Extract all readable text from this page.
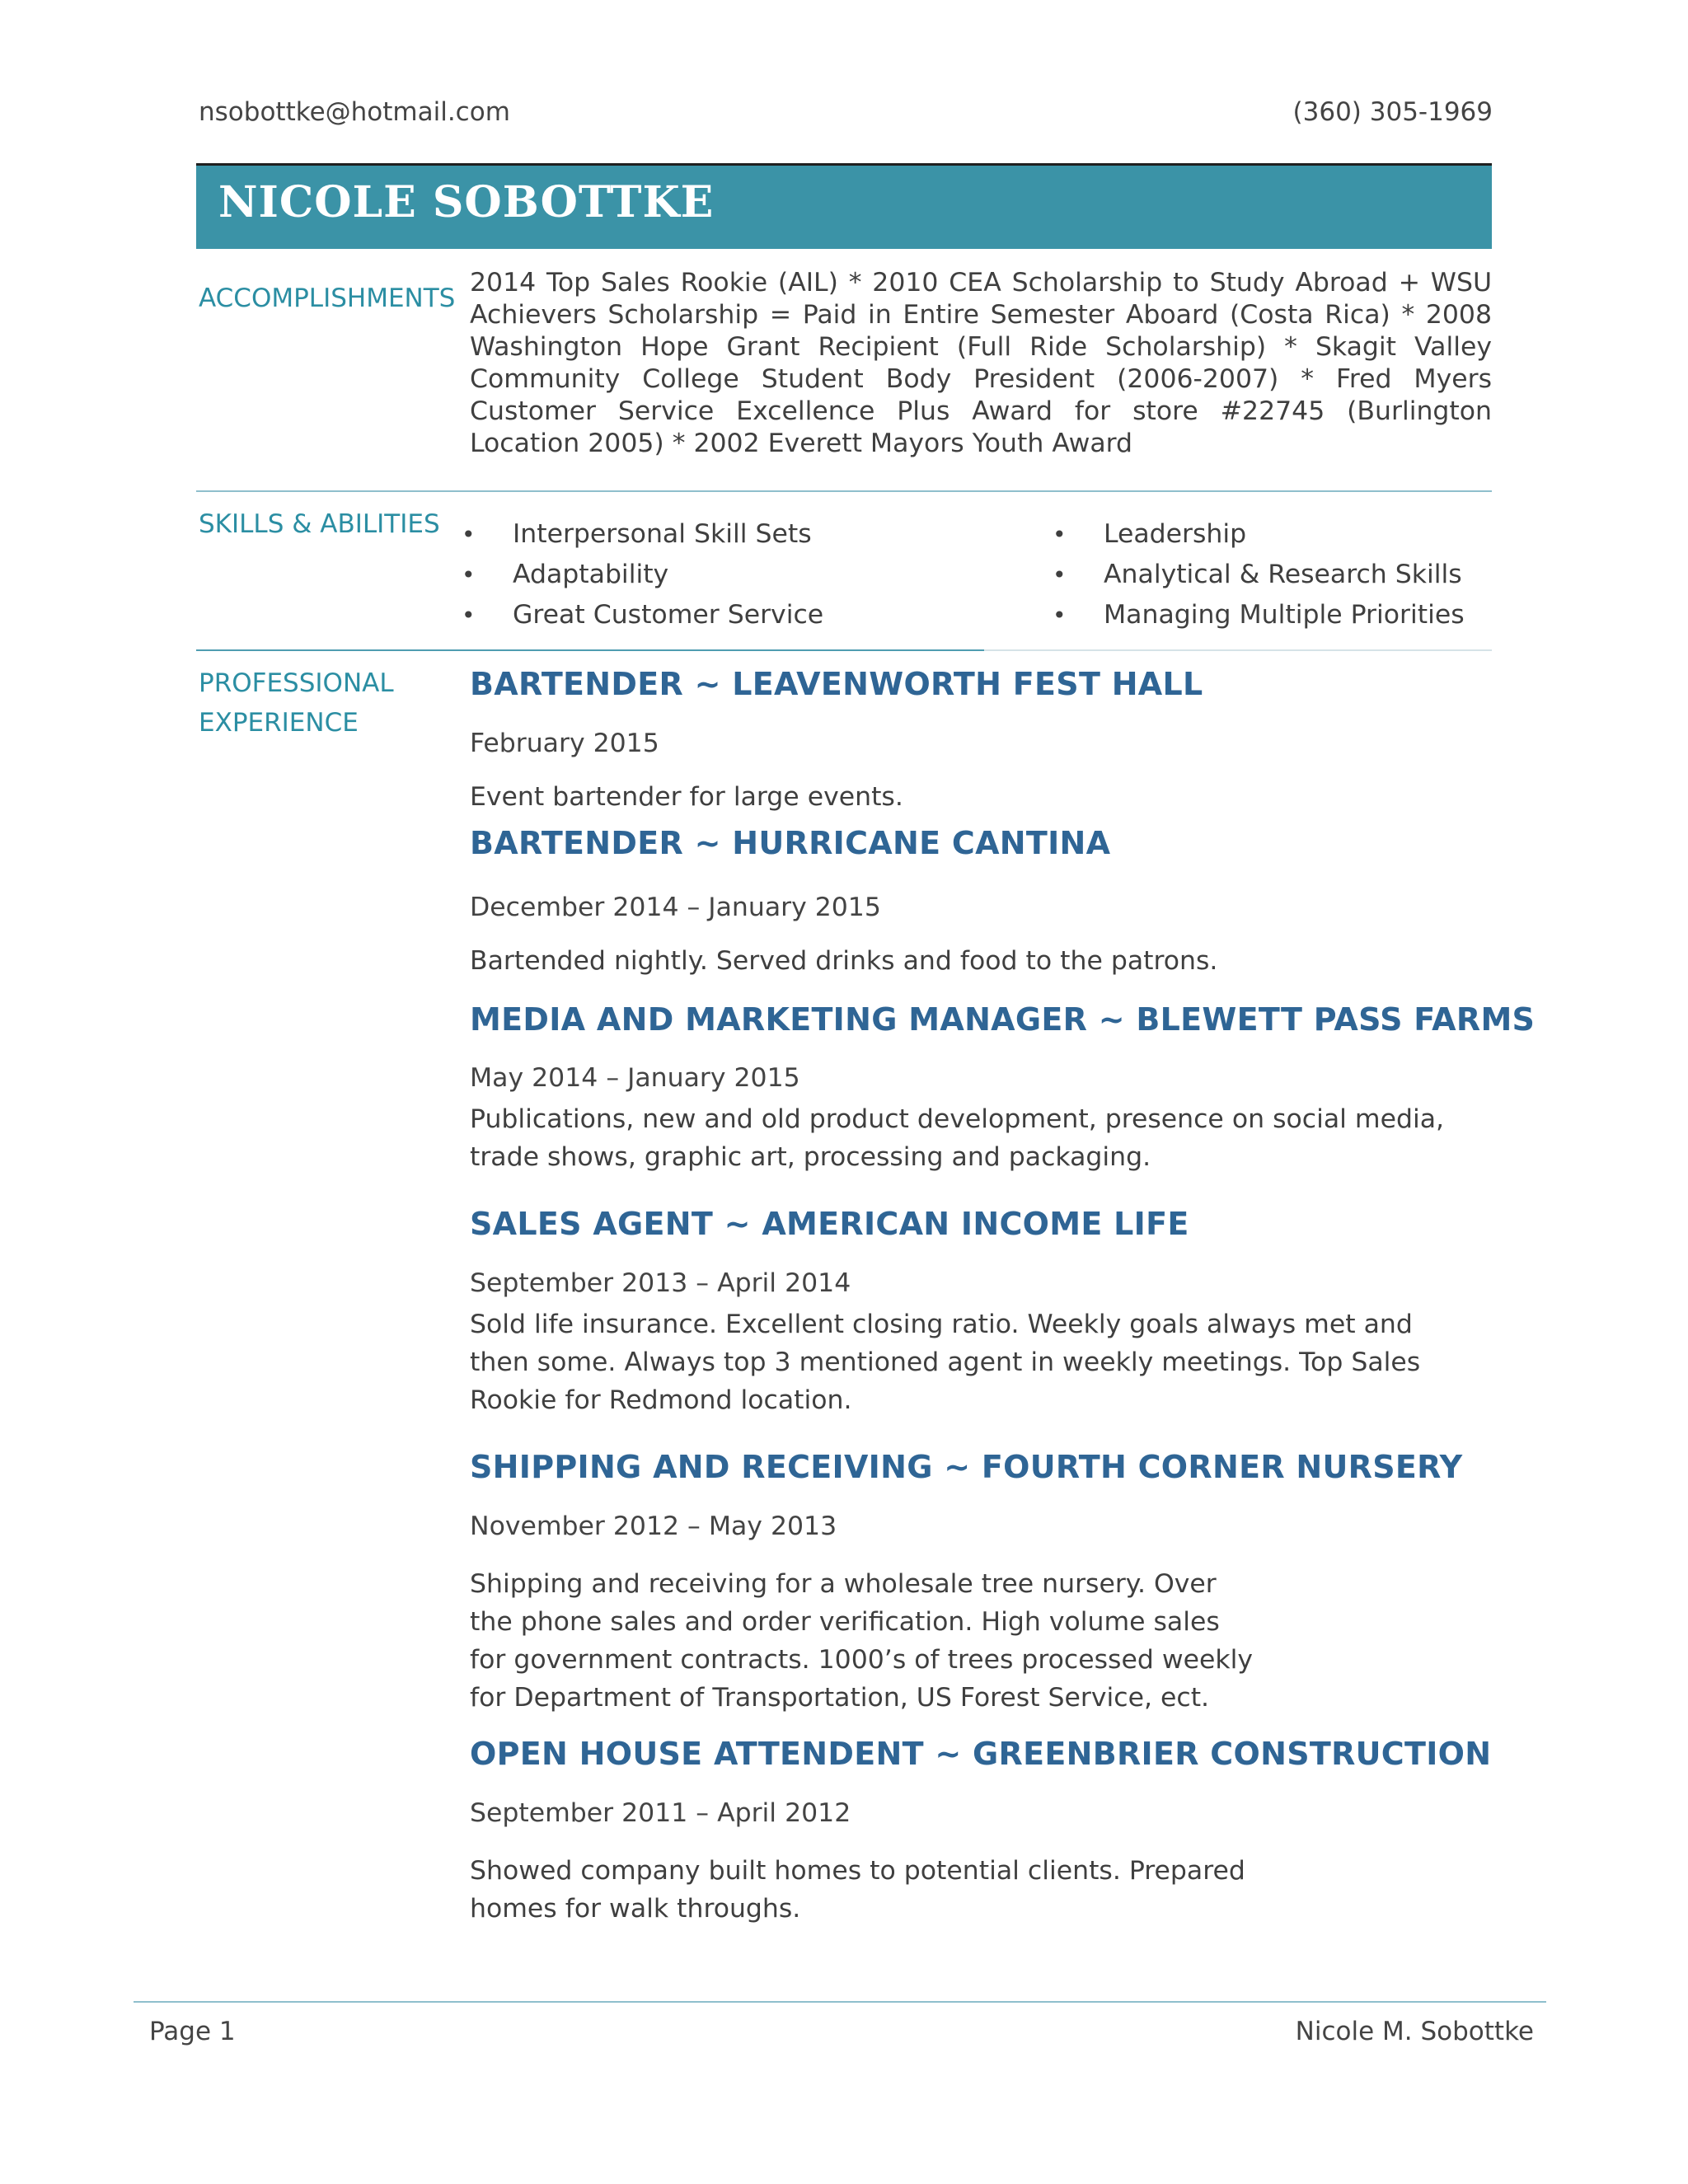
nsobottke@hotmail.com	(360) 305-1969
NICOLE SOBOTTKE
ACCOMPLISHMENTS
2014 Top Sales Rookie (AIL) * 2010 CEA Scholarship to Study Abroad + WSU Achievers Scholarship = Paid in Entire Semester Aboard (Costa Rica) * 2008 Washington Hope Grant Recipient (Full Ride Scholarship) * Skagit Valley Community College Student Body President (2006-2007) * Fred Myers Customer Service Excellence Plus Award for store #22745 (Burlington Location 2005) * 2002 Everett Mayors Youth Award
SKILLS & ABILITIES
•	Interpersonal Skill Sets
• Adaptability
• Great Customer Service
• Leadership
• Analytical & Research Skills
• Managing Multiple Priorities
PROFESSIONAL
EXPERIENCE
BARTENDER ~ LEAVENWORTH FEST HALL
February 2015
Event bartender for large events.
BARTENDER ~ HURRICANE CANTINA
December 2014 – January 2015
Bartended nightly. Served drinks and food to the patrons.
MEDIA AND MARKETING MANAGER ~ BLEWETT PASS FARMS
May 2014 – January 2015
Publications, new and old product development, presence on social media, trade shows, graphic art, processing and packaging.
SALES AGENT ~ AMERICAN INCOME LIFE
September 2013 – April 2014
Sold life insurance. Excellent closing ratio. Weekly goals always met and then some. Always top 3 mentioned agent in weekly meetings. Top Sales Rookie for Redmond location.
SHIPPING AND RECEIVING ~ FOURTH CORNER NURSERY
November 2012 – May 2013
Shipping and receiving for a wholesale tree nursery. Over the phone sales and order verification. High volume sales for government contracts. 1000’s of trees processed weekly for Department of Transportation, US Forest Service, ect.
OPEN HOUSE ATTENDENT ~ GREENBRIER CONSTRUCTION
September 2011 – April 2012
Showed company built homes to potential clients. Prepared homes for walk throughs.
Page 1	Nicole M. Sobottke
